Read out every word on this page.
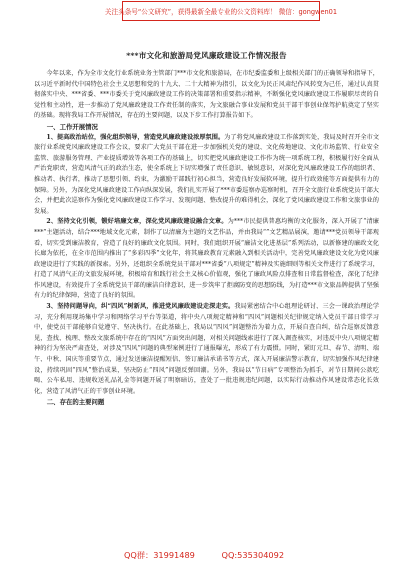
关注头条号“公文研究”，获得最新全最专业的公文资料库！ 微信：gongwen01
***市文化和旅游局党风廉政建设工作情况报告

今年以来，作为全市文化行业系统业务主管部门***市文化和旅游局，在市纪委监委和上级相关部门的正确领导和指导下，以习近平新时代中国特色社会主义思想和党的十九大、二十大精神为指引，以文化为民正风肃纪作风转变为己任，通过认真贯彻落实中央、***省委、***市委关于党风廉政建设工作的决策部署和重要指示精神，不断强化党风廉政建设工作履职尽责的自觉性和主动性，进一步推动了党风廉政建设工作责任制的落实，为文旅融合事业发展和党员干部干事创业保驾护航奠定了坚实的基础。现将我局工作开展情况，存在的主要问题，以及下步工作打算报告如下。

一、工作开展情况

1、提高政治站位，强化组织领导，营造党风廉政建设浓厚氛围。为了将党风廉政建设工作落到实处，我局及时召开全市文旅行业系统党风廉政建设工作会议，要求广大党员干部在进一步加强机关党的建设、文化传地建设、文化市场监管、行业安全监管、旅游服务管理、产业提质增效等各项工作的基础上，切实把党风廉政建设工作作为统一项系统工程，积极履行好全面从严治党职责，营造风清气正的政治生态，使全系统上下切实增强了责任意识、敏锐意识，对深化党风廉政建设工作的组织者、推动者、执行者，推动了思想引领、约束，为激励干部践行初心担当，营造良好发展软环境，提升行政效能等方面提供有力的保障。另外，为深化党风廉政建设工作向纵深发展，我们扎实开展了***市委巡察办巡察时机，召开全文旅行业系统党员干部大会，并把此次巡察作为强化党风廉政建设工作学习、发现问题、整改提升的难得机会，深化了党风廉政建设工作和文旅事业的发展。

2、坚持文化引领，锻好培廉文章，深化党风廉政建设融合文章。为***市民提供普惠均衡的文化服务，深入开展了“清廉***”主题活动，结合***地域文化元素，制作了以清廉为主题的文艺作品，并由我局“”文艺精品展演，邀请***党员领导干部观看，切实受到廉洁教育，营造了良好的廉政文化氛围。同时，我们组织开展“廉洁文化进基层”系列活动，以新修建的廉政文化长廊为依托，在全市范围内推出了“多彩四季”文化年，将其廉政教育元素融入到相关活动中，完善党风廉政建设文化为党风廉政建设进行了实践的新探索。另外，还组织全系统党员干部对***省委“八项规定”精神及实施细则等相关文件进行了系统学习，打造了风清气正的文旅发展环境，积极培育和践行社会主义核心价值观，强化了廉政风险点排查和日常监督检查，深化了纪律作风建设，有效提升了全系统党员干部的廉洁自律意识，进一步筑牢了拒腐防变的思想防线，为打造***市文旅品牌提供了坚强有力的纪律保障，营造了良好的氛围。

3、坚持问题导向，纠“四风”树新风，推进党风廉政建设走深走实。我局紧密结合中心组理论研讨、三会一课政治理论学习，充分利用现场集中学习和网络学习平台等渠道，将中央八项规定精神和“四风”问题相关纪律规定纳入党员干部日常学习中，使党员干部能够自觉遵守、坚决执行。在此基础上，我局以“四风”问题整治为着力点，开展自查自纠，结合巡察反馈意见，查找、梳理、整改文旅系统中存在的“四风”方面突出问题，对相关问题线索进行了深入调查核实，对违反中央八项规定精神的行为坚决严肃查处，对涉及“四风”问题的典型案例进行了通报曝光，形成了有力震慑。同时，紧盯元旦、春节、清明、端午、中秋、国庆等重要节点，通过发送廉洁提醒短信、签订廉洁承诺书等方式，深入开展廉洁警示教育，切实加强作风纪律建设，持续巩固“四风”整治成果，坚决防止“四风”问题反弹回潮。另外，我局以“节日病”专项整治为抓手，对节日期间公款吃喝、公车私用、违规收送礼品礼金等问题开展了明察暗访，查处了一批违规违纪问题，以实际行动推动作风建设常态化长效化，营造了风清气正的干事创业环境。

二、存在的主要问题

QQ群：31991489	QQ:535304092
